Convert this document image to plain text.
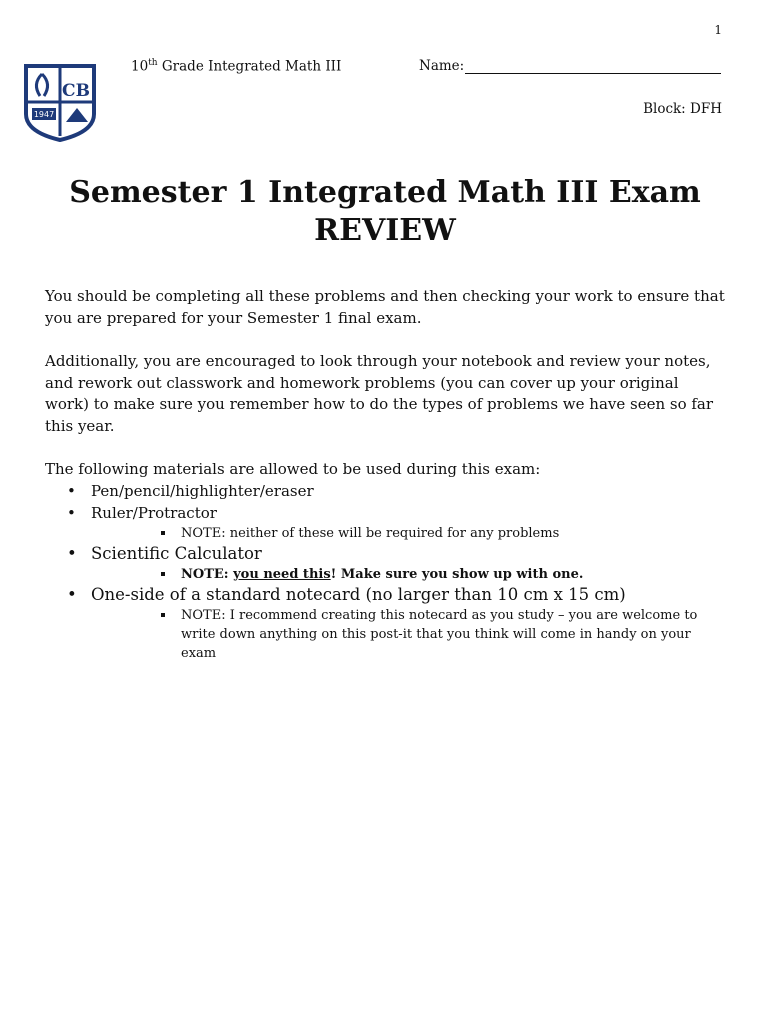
1
CB
1947
10th Grade Integrated Math III	Name:
Block: DFH
Semester 1 Integrated Math III Exam
REVIEW
You should be completing all these problems and then checking your work to ensure that you are prepared for your Semester 1 final exam.
Additionally, you are encouraged to look through your notebook and review your notes, and rework out classwork and homework problems (you can cover up your original work) to make sure you remember how to do the types of problems we have seen so far this year.
The following materials are allowed to be used during this exam:
• Pen/pencil/highlighter/eraser
• Ruler/Protractor
NOTE: neither of these will be required for any problems
• Scientific Calculator
NOTE: you need this! Make sure you show up with one.
• One-side of a standard notecard (no larger than 10 cm x 15 cm)
NOTE: I recommend creating this notecard as you study – you are welcome to write down anything on this post-it that you think will come in handy on your exam
